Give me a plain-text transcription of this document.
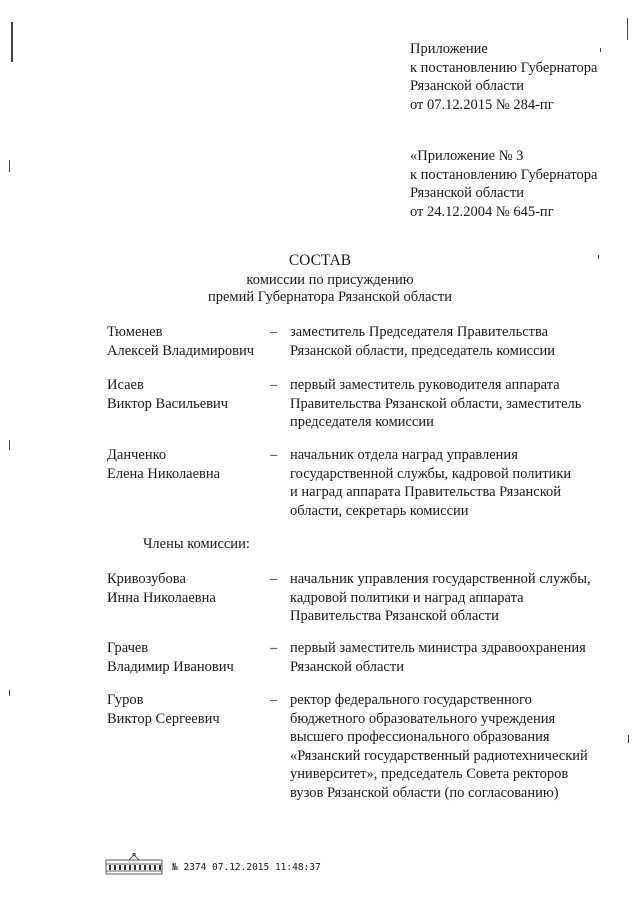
Приложение
к постановлению Губернатора
Рязанской области
от 07.12.2015 № 284-пг
«Приложение № 3
к постановлению Губернатора
Рязанской области
от 24.12.2004 № 645-пг
СОСТАВ
комиссии по присуждению
премий Губернатора Рязанской области
Тюменев
Алексей Владимирович
– заместитель Председателя Правительства
Рязанской области, председатель комиссии
Исаев
Виктор Васильевич
– первый заместитель руководителя аппарата
Правительства Рязанской области, заместитель
председателя комиссии
Данченко
Елена Николаевна
– начальник отдела наград управления
государственной службы, кадровой политики
и наград аппарата Правительства Рязанской
области, секретарь комиссии
Члены комиссии:
Кривозубова
Инна Николаевна
– начальник управления государственной службы,
кадровой политики и наград аппарата
Правительства Рязанской области
Грачев
Владимир Иванович
– первый заместитель министра здравоохранения
Рязанской области
Гуров
Виктор Сергеевич
– ректор федерального государственного
бюджетного образовательного учреждения
высшего профессионального образования
«Рязанский государственный радиотехнический
университет», председатель Совета ректоров
вузов Рязанской области (по согласованию)
№ 2374 07.12.2015 11:48:37
